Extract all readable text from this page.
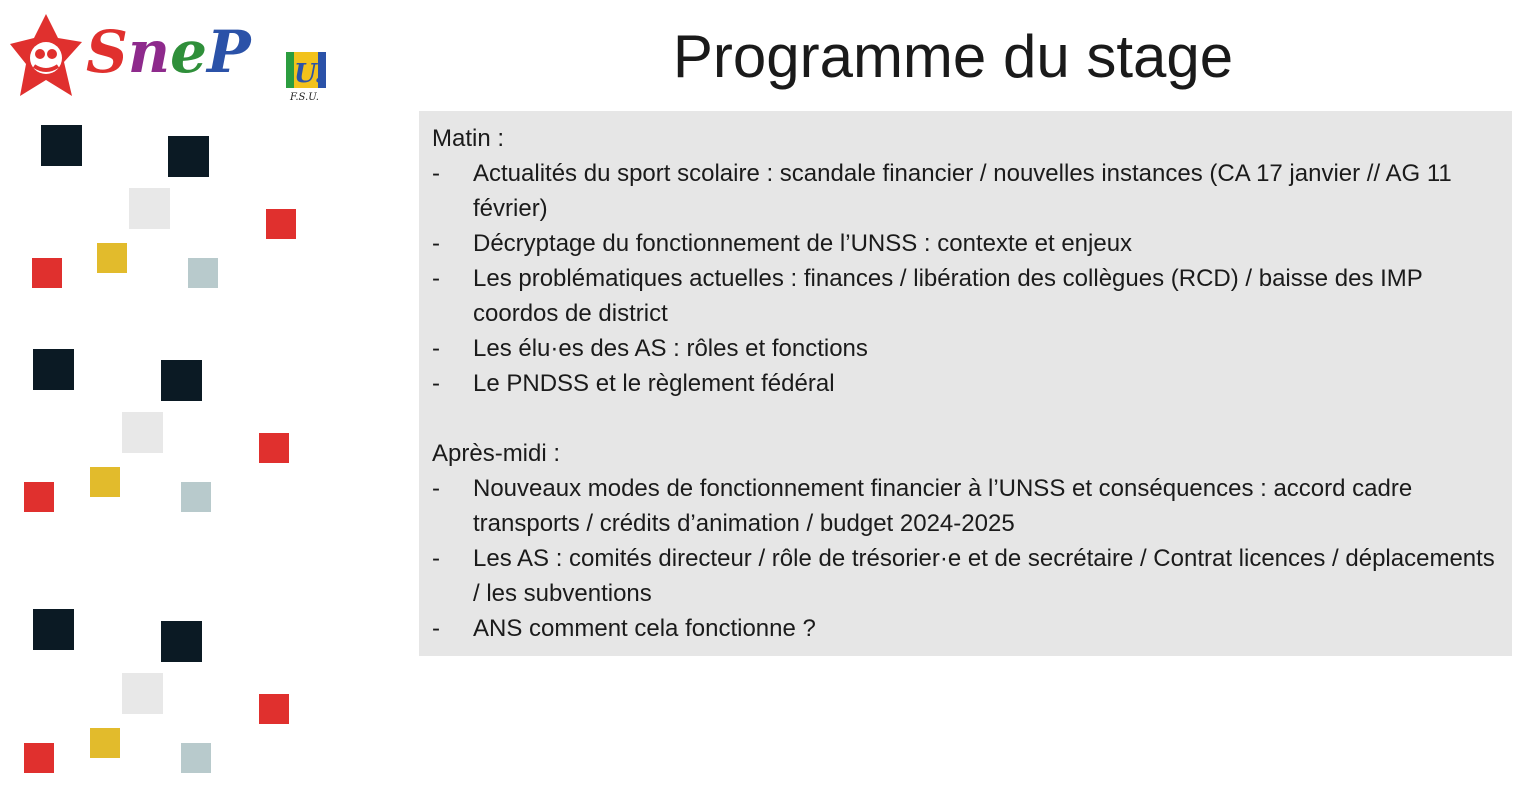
SneP U.
F.S.U.
Programme du stage
Matin :
- Actualités du sport scolaire : scandale financier / nouvelles instances (CA 17 janvier // AG 11 février)
- Décryptage du fonctionnement de l’UNSS : contexte et enjeux
- Les problématiques actuelles : finances / libération des collègues (RCD) / baisse des IMP coordos de district
- Les élu·es des AS : rôles et fonctions
- Le PNDSS et le règlement fédéral
Après-midi :
- Nouveaux modes de fonctionnement financier à l’UNSS et conséquences : accord cadre transports / crédits d’animation / budget 2024-2025
- Les AS : comités directeur / rôle de trésorier·e et de secrétaire / Contrat licences / déplacements / les subventions
- ANS comment cela fonctionne ?
